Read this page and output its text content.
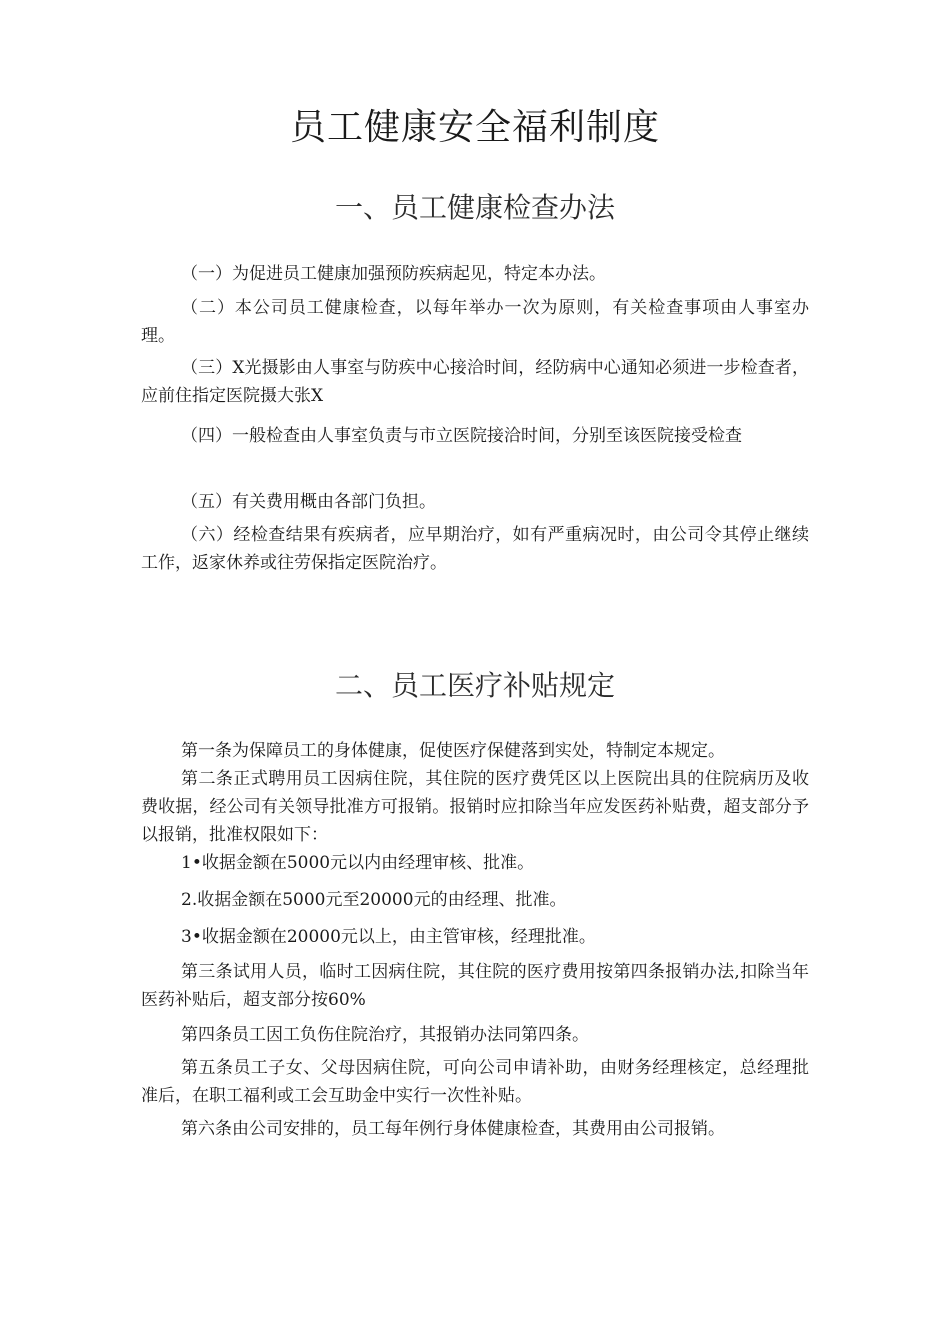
员工健康安全福利制度
一、员工健康检查办法

（一）为促进员工健康加强预防疾病起见，特定本办法。

（二）本公司员工健康检查，以每年举办一次为原则，有关检查事项由人事室办理。

（三）X光摄影由人事室与防疾中心接洽时间，经防病中心通知必须进一步检查者，应前住指定医院摄大张X

（四）一般检查由人事室负责与市立医院接洽时间，分别至该医院接受检查

（五）有关费用概由各部门负担。

（六）经检查结果有疾病者，应早期治疗，如有严重病况时，由公司令其停止继续工作，返家休养或往劳保指定医院治疗。

二、员工医疗补贴规定

第一条为保障员工的身体健康，促使医疗保健落到实处，特制定本规定。

第二条正式聘用员工因病住院，其住院的医疗费凭区以上医院出具的住院病历及收费收据，经公司有关领导批准方可报销。报销时应扣除当年应发医药补贴费，超支部分予以报销，批准权限如下：

1•收据金额在5000元以内由经理审核、批准。

2.收据金额在5000元至20000元的由经理、批准。

3•收据金额在20000元以上，由主管审核，经理批准。

第三条试用人员，临时工因病住院，其住院的医疗费用按第四条报销办法,扣除当年医药补贴后，超支部分按60%

第四条员工因工负伤住院治疗，其报销办法同第四条。

第五条员工子女、父母因病住院，可向公司申请补助，由财务经理核定，总经理批准后，在职工福利或工会互助金中实行一次性补贴。

第六条由公司安排的，员工每年例行身体健康检查，其费用由公司报销。
